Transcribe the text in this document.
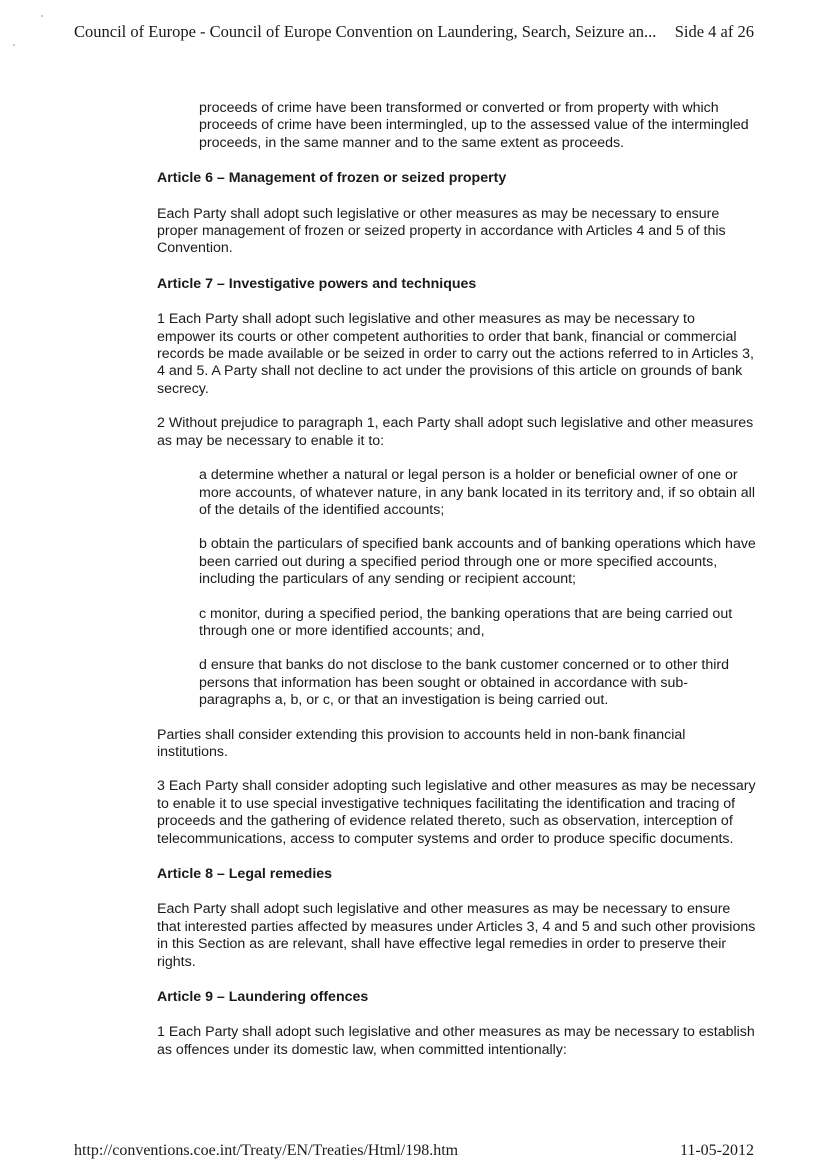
Council of Europe - Council of Europe Convention on Laundering, Search, Seizure an... Side 4 af 26

proceeds of crime have been transformed or converted or from property with which proceeds of crime have been intermingled, up to the assessed value of the intermingled proceeds, in the same manner and to the same extent as proceeds.

Article 6 – Management of frozen or seized property

Each Party shall adopt such legislative or other measures as may be necessary to ensure proper management of frozen or seized property in accordance with Articles 4 and 5 of this Convention.

Article 7 – Investigative powers and techniques

1 Each Party shall adopt such legislative and other measures as may be necessary to empower its courts or other competent authorities to order that bank, financial or commercial records be made available or be seized in order to carry out the actions referred to in Articles 3, 4 and 5. A Party shall not decline to act under the provisions of this article on grounds of bank secrecy.

2 Without prejudice to paragraph 1, each Party shall adopt such legislative and other measures as may be necessary to enable it to:

a determine whether a natural or legal person is a holder or beneficial owner of one or more accounts, of whatever nature, in any bank located in its territory and, if so obtain all of the details of the identified accounts;

b obtain the particulars of specified bank accounts and of banking operations which have been carried out during a specified period through one or more specified accounts, including the particulars of any sending or recipient account;

c monitor, during a specified period, the banking operations that are being carried out through one or more identified accounts; and,

d ensure that banks do not disclose to the bank customer concerned or to other third persons that information has been sought or obtained in accordance with sub-paragraphs a, b, or c, or that an investigation is being carried out.

Parties shall consider extending this provision to accounts held in non-bank financial institutions.

3 Each Party shall consider adopting such legislative and other measures as may be necessary to enable it to use special investigative techniques facilitating the identification and tracing of proceeds and the gathering of evidence related thereto, such as observation, interception of telecommunications, access to computer systems and order to produce specific documents.

Article 8 – Legal remedies

Each Party shall adopt such legislative and other measures as may be necessary to ensure that interested parties affected by measures under Articles 3, 4 and 5 and such other provisions in this Section as are relevant, shall have effective legal remedies in order to preserve their rights.

Article 9 – Laundering offences

1 Each Party shall adopt such legislative and other measures as may be necessary to establish as offences under its domestic law, when committed intentionally:

http://conventions.coe.int/Treaty/EN/Treaties/Html/198.htm	11-05-2012
